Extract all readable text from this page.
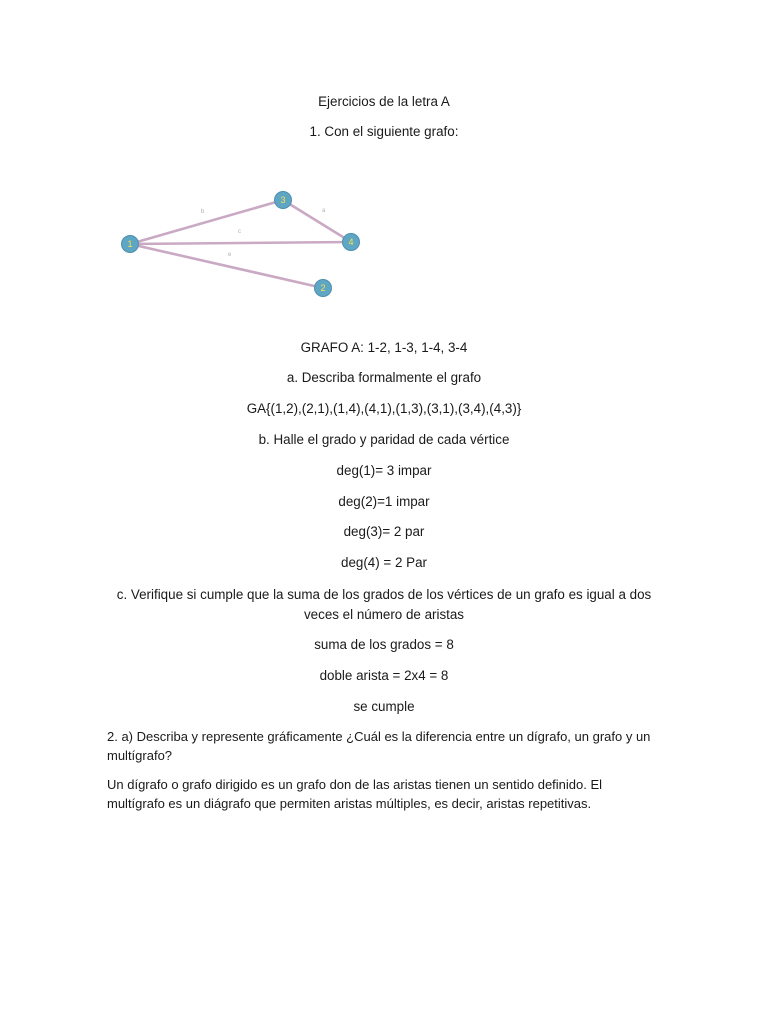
Ejercicios de la letra A
1. Con el siguiente grafo:
b	a
c
e
1
2
3
4
GRAFO A: 1-2, 1-3, 1-4, 3-4
a. Describa formalmente el grafo
GA{(1,2),(2,1),(1,4),(4,1),(1,3),(3,1),(3,4),(4,3)}
b. Halle el grado y paridad de cada vértice
deg(1)= 3 impar
deg(2)=1 impar
deg(3)= 2 par
deg(4) = 2 Par
c. Verifique si cumple que la suma de los grados de los vértices de un grafo es igual a dos veces el número de aristas
suma de los grados = 8
doble arista = 2x4 = 8
se cumple
2. a) Describa y represente gráficamente ¿Cuál es la diferencia entre un dígrafo, un grafo y un multígrafo?
Un dígrafo o grafo dirigido es un grafo don de las aristas tienen un sentido definido. El multígrafo es un diágrafo que permiten aristas múltiples, es decir, aristas repetitivas.
